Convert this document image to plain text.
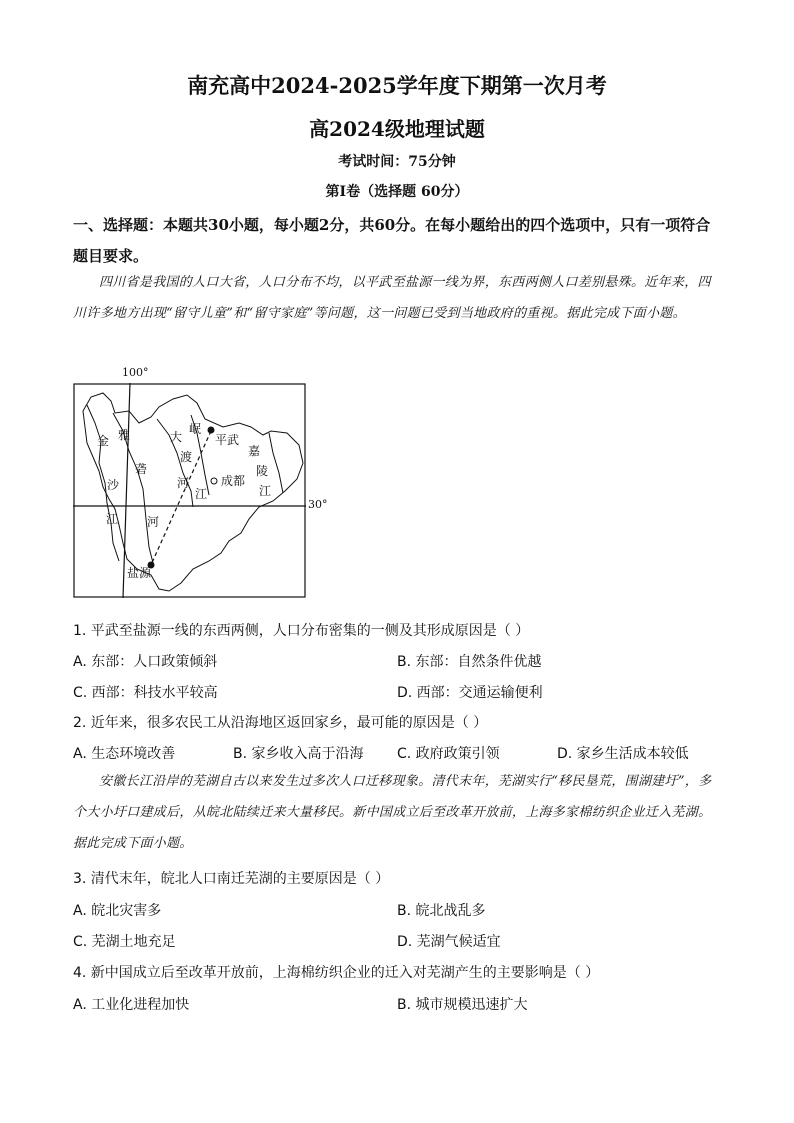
南充高中2024-2025学年度下期第一次月考
高2024级地理试题
考试时间：75分钟
第Ⅰ卷（选择题 60分）
一、选择题：本题共30小题，每小题2分，共60分。在每小题给出的四个选项中，只有一项符合题目要求。
四川省是我国的人口大省，人口分布不均，以平武至盐源一线为界，东西两侧人口差别悬殊。近年来，四川许多地方出现“留守儿童”和“留守家庭”等问题，这一问题已受到当地政府的重视。据此完成下面小题。
金
沙
江
雅
砻
河
大
渡
河
江
岷
平武
成都
嘉
陵
江
盐源
100°
30°
1. 平武至盐源一线的东西两侧，人口分布密集的一侧及其形成原因是（ ）
A. 东部：人口政策倾斜	B. 东部：自然条件优越
C. 西部：科技水平较高	D. 西部：交通运输便利
2. 近年来，很多农民工从沿海地区返回家乡，最可能的原因是（ ）
A. 生态环境改善	B. 家乡收入高于沿海 C. 政府政策引领	D. 家乡生活成本较低
安徽长江沿岸的芜湖自古以来发生过多次人口迁移现象。清代末年，芜湖实行“移民垦荒，围湖建圩”，多个大小圩口建成后，从皖北陆续迁来大量移民。新中国成立后至改革开放前，上海多家棉纺织企业迁入芜湖。据此完成下面小题。
3. 清代末年，皖北人口南迁芜湖的主要原因是（ ）
A. 皖北灾害多	B. 皖北战乱多
C. 芜湖土地充足	D. 芜湖气候适宜
4. 新中国成立后至改革开放前，上海棉纺织企业的迁入对芜湖产生的主要影响是（ ）
A. 工业化进程加快	B. 城市规模迅速扩大
